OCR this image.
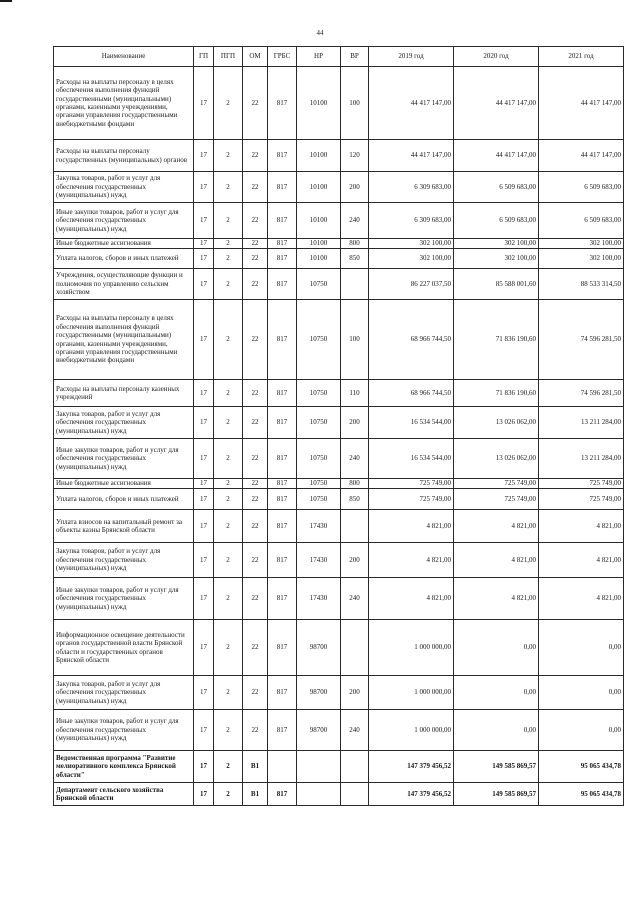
44
Наименование	ГП	ПГП	ОМ	ГРБС	НР	ВР	2019 год	2020 год	2021 год
Расходы на выплаты персоналу в целях обеспечения выполнения функций государственными (муниципальными) органами, казенными учреждениями, органами управления государственными внебюджетными фондами	17	2	22	817	10100	100	44 417 147,00	44 417 147,00	44 417 147,00
Расходы на выплаты персоналу государственных (муниципальных) органов	17	2	22	817	10100	120	44 417 147,00	44 417 147,00	44 417 147,00
Закупка товаров, работ и услуг для обеспечения государственных (муниципальных) нужд	17	2	22	817	10100	200	6 309 683,00	6 509 683,00	6 509 683,00
Иные закупки товаров, работ и услуг для обеспечения государственных (муниципальных) нужд	17	2	22	817	10100	240	6 309 683,00	6 509 683,00	6 509 683,00
Иные бюджетные ассигнования	17	2	22	817	10100	800	302 100,00	302 100,00	302 100,00
Уплата налогов, сборов и иных платежей	17	2	22	817	10100	850	302 100,00	302 100,00	302 100,00
Учреждения, осуществляющие функции и полномочия по управлению сельским хозяйством	17	2	22	817	10750		86 227 037,50	85 588 001,60	88 533 314,50
Расходы на выплаты персоналу в целях обеспечения выполнения функций государственными (муниципальными) органами, казенными учреждениями, органами управления государственными внебюджетными фондами	17	2	22	817	10750	100	68 966 744,50	71 836 190,60	74 596 281,50
Расходы на выплаты персоналу казенных учреждений	17	2	22	817	10750	110	68 966 744,50	71 836 190,60	74 596 281,50
Закупка товаров, работ и услуг для обеспечения государственных (муниципальных) нужд	17	2	22	817	10750	200	16 534 544,00	13 026 062,00	13 211 284,00
Иные закупки товаров, работ и услуг для обеспечения государственных (муниципальных) нужд	17	2	22	817	10750	240	16 534 544,00	13 026 062,00	13 211 284,00
Иные бюджетные ассигнования	17	2	22	817	10750	800	725 749,00	725 749,00	725 749,00
Уплата налогов, сборов и иных платежей	17	2	22	817	10750	850	725 749,00	725 749,00	725 749,00
Уплата взносов на капитальный ремонт за объекты казны Брянской области	17	2	22	817	17430		4 821,00	4 821,00	4 821,00
Закупка товаров, работ и услуг для обеспечения государственных (муниципальных) нужд	17	2	22	817	17430	200	4 821,00	4 821,00	4 821,00
Иные закупки товаров, работ и услуг для обеспечения государственных (муниципальных) нужд	17	2	22	817	17430	240	4 821,00	4 821,00	4 821,00
Информационное освещение деятельности органов государственной власти Брянской области и государственных органов Брянской области	17	2	22	817	98700		1 000 000,00	0,00	0,00
Закупка товаров, работ и услуг для обеспечения государственных (муниципальных) нужд	17	2	22	817	98700	200	1 000 000,00	0,00	0,00
Иные закупки товаров, работ и услуг для обеспечения государственных (муниципальных) нужд	17	2	22	817	98700	240	1 000 000,00	0,00	0,00
Ведомственная программа "Развитие мелиоративного комплекса Брянской области"	17	2	В1				147 379 456,52	149 585 869,57	95 065 434,78
Департамент сельского хозяйства Брянской области	17	2	В1	817			147 379 456,52	149 585 869,57	95 065 434,78
